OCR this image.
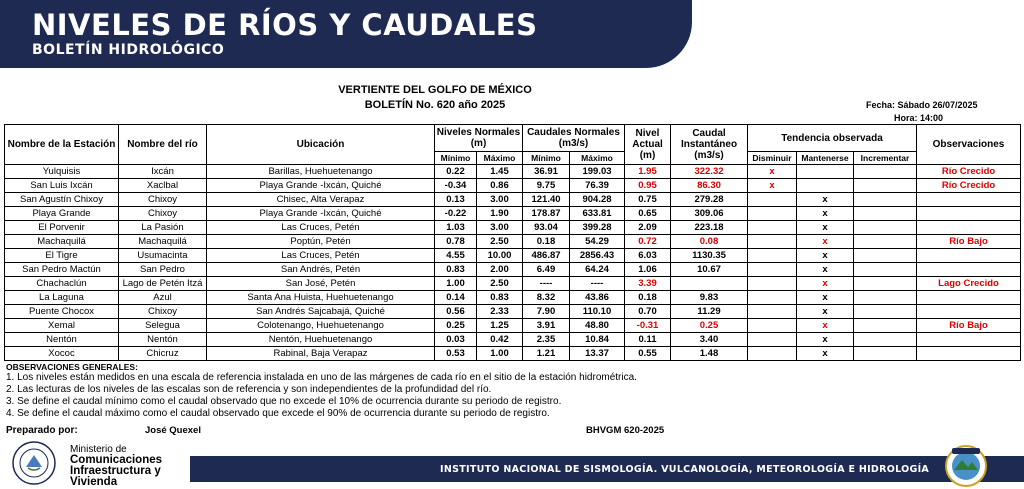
NIVELES DE RÍOS Y CAUDALES
BOLETÍN HIDROLÓGICO
VERTIENTE DEL GOLFO DE MÉXICO
BOLETÍN No. 620 año 2025	Fecha: Sábado 26/07/2025
Hora: 14:00
Nombre de la Estación	Nombre del río	Ubicación	Niveles Normales (m)		Caudales Normales (m3/s)		Nivel Actual (m)	Caudal Instantáneo (m3/s)	Tendencia observada			Observaciones
			Mínimo	Máximo	Mínimo	Máximo			Disminuir	Mantenerse	Incrementar	
Yulquisis	Ixcán	Barillas, Huehuetenango	0.22	1.45	36.91	199.03	1.95	322.32	x			Río Crecido
San Luis Ixcán	Xaclbal	Playa Grande -Ixcán, Quiché	-0.34	0.86	9.75	76.39	0.95	86.30	x			Río Crecido
San Agustín Chixoy	Chixoy	Chisec, Alta Verapaz	0.13	3.00	121.40	904.28	0.75	279.28		x		
Playa Grande	Chixoy	Playa Grande -Ixcán, Quiché	-0.22	1.90	178.87	633.81	0.65	309.06		x		
El Porvenir	La Pasión	Las Cruces, Petén	1.03	3.00	93.04	399.28	2.09	223.18		x		
Machaquilá	Machaquilá	Poptún, Petén	0.78	2.50	0.18	54.29	0.72	0.08		x		Río Bajo
El Tigre	Usumacinta	Las Cruces, Petén	4.55	10.00	486.87	2856.43	6.03	1130.35		x		
San Pedro Mactún	San Pedro	San Andrés, Petén	0.83	2.00	6.49	64.24	1.06	10.67		x		
Chachaclún	Lago de Petén Itzá	San José, Petén	1.00	2.50	----	----	3.39			x		Lago Crecido
La Laguna	Azul	Santa Ana Huista, Huehuetenango	0.14	0.83	8.32	43.86	0.18	9.83		x		
Puente Chocox	Chixoy	San Andrés Sajcabajá, Quiché	0.56	2.33	7.90	110.10	0.70	11.29		x		
Xemal	Selegua	Colotenango, Huehuetenango	0.25	1.25	3.91	48.80	-0.31	0.25		x		Río Bajo
Nentón	Nentón	Nentón, Huehuetenango	0.03	0.42	2.35	10.84	0.11	3.40		x		
Xococ	Chicruz	Rabinal, Baja Verapaz	0.53	1.00	1.21	13.37	0.55	1.48		x		
OBSERVACIONES GENERALES:
1. Los niveles están medidos en una escala de referencia instalada en uno de las márgenes de cada río en el sitio de la estación hidrométrica.
2. Las lecturas de los niveles de las escalas son de referencia y son independientes de la profundidad del río.
3. Se define el caudal mínimo como el caudal observado que no excede el 10% de ocurrencia durante su periodo de registro.
4. Se define el caudal máximo como el caudal observado que excede el 90% de ocurrencia durante su periodo de registro.
Preparado por:	José Quexel	BHVGM 620-2025
Ministerio de
Comunicaciones
Infraestructura y
Vivienda
INSTITUTO NACIONAL DE SISMOLOGÍA. VULCANOLOGÍA, METEOROLOGÍA E HIDROLOGÍA
